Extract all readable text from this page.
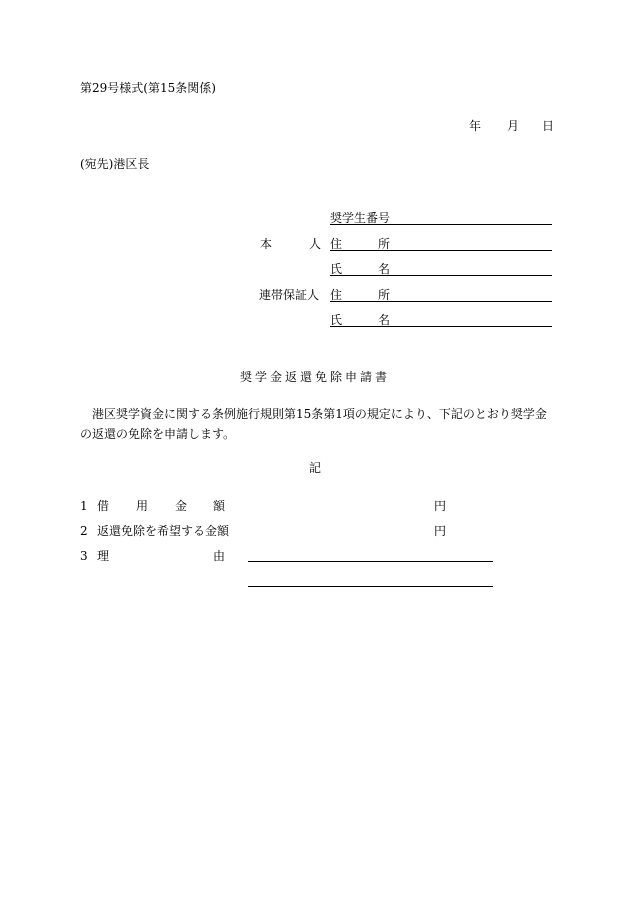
第29号様式(第15条関係)
年 月 日
(宛先)港区長
奨学生番号
本	人 住	所
氏	名
連帯保証人 住	所
氏	名
奨学金返還免除申請書
港区奨学資金に関する条例施行規則第15条第1項の規定により、下記のとおり奨学金の返還の免除を申請します。
記
1 借 用 金 額	円
2 返還免除を希望する金額	円
3 理	由
